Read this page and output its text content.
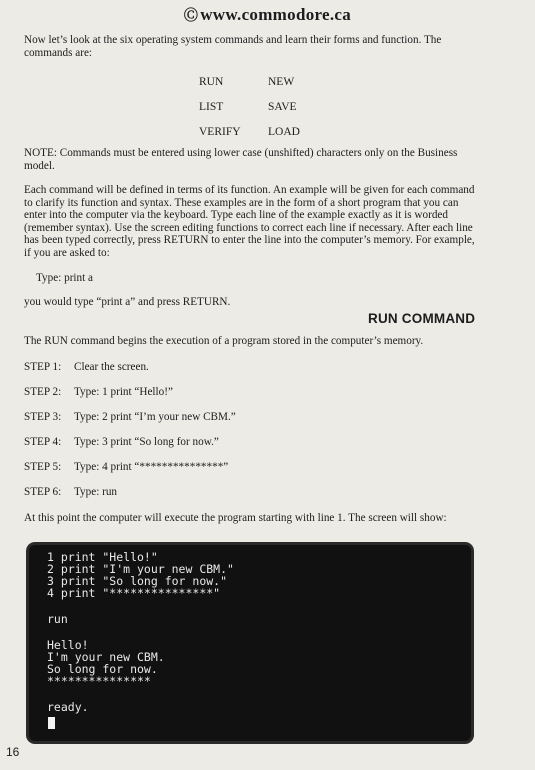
Ⓒ www.commodore.ca
Now let’s look at the six operating system commands and learn their forms and function. The commands are:
RUN	NEW
LIST	SAVE
VERIFY	LOAD
NOTE: Commands must be entered using lower case (unshifted) characters only on the Business model.
Each command will be defined in terms of its function. An example will be given for each command to clarify its function and syntax. These examples are in the form of a short program that you can enter into the computer via the keyboard. Type each line of the example exactly as it is worded (remember syntax). Use the screen editing functions to correct each line if necessary. After each line has been typed correctly, press RETURN to enter the line into the computer’s memory. For example, if you are asked to:
Type: print a
you would type “print a” and press RETURN.
RUN COMMAND
The RUN command begins the execution of a program stored in the computer’s memory.
STEP 1:	Clear the screen.
STEP 2:	Type: 1 print “Hello!”
STEP 3:	Type: 2 print “I’m your new CBM.”
STEP 4:	Type: 3 print “So long for now.”
STEP 5:	Type: 4 print “***************”
STEP 6:	Type: run
At this point the computer will execute the program starting with line 1. The screen will show:
1 print "Hello!"
2 print "I'm your new CBM."
3 print "So long for now."
4 print "***************"
run
Hello!
I'm your new CBM.
So long for now.
***************
ready.
16
